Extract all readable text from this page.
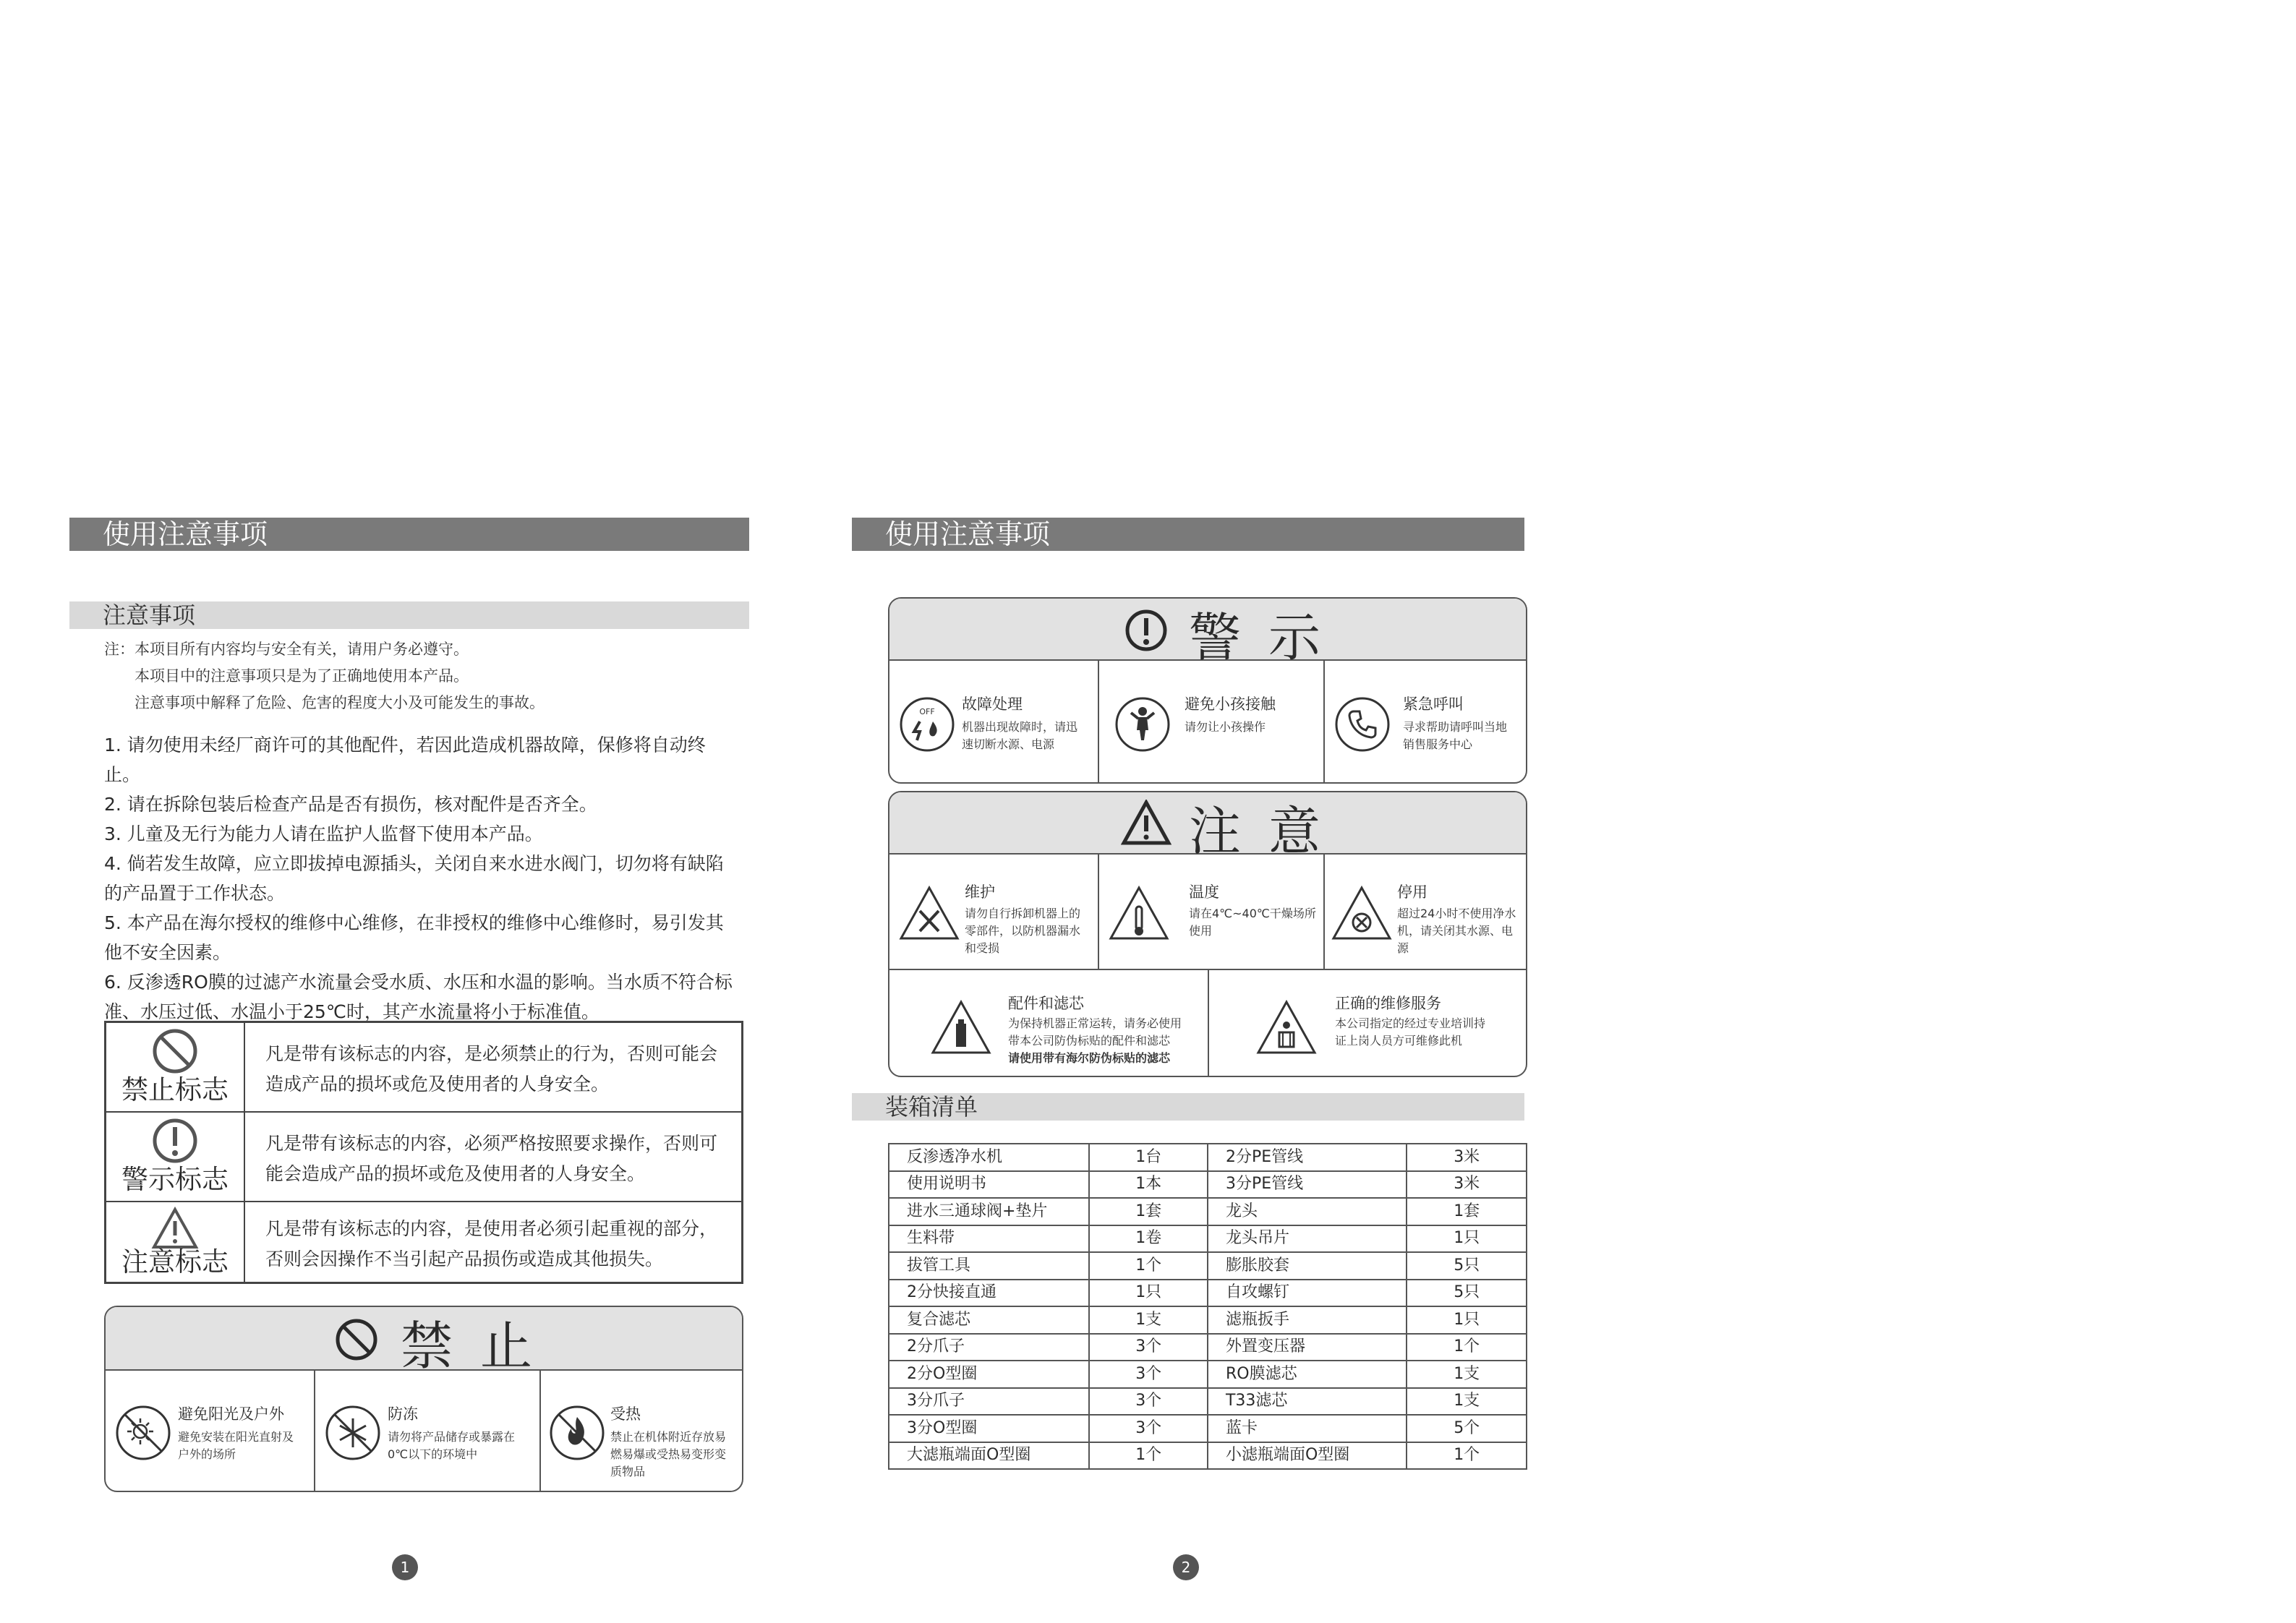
使用注意事项
注意事项
注：本项目所有内容均与安全有关，请用户务必遵守。
本项目中的注意事项只是为了正确地使用本产品。
注意事项中解释了危险、危害的程度大小及可能发生的事故。
1. 请勿使用未经厂商许可的其他配件，若因此造成机器故障，保修将自动终止。
2. 请在拆除包装后检查产品是否有损伤，核对配件是否齐全。
3. 儿童及无行为能力人请在监护人监督下使用本产品。
4. 倘若发生故障，应立即拔掉电源插头，关闭自来水进水阀门，切勿将有缺陷的产品置于工作状态。
5. 本产品在海尔授权的维修中心维修，在非授权的维修中心维修时，易引发其他不安全因素。
6. 反渗透RO膜的过滤产水流量会受水质、水压和水温的影响。当水质不符合标准、水压过低、水温小于25℃时，其产水流量将小于标准值。
禁止标志
凡是带有该标志的内容，是必须禁止的行为，否则可能会造成产品的损坏或危及使用者的人身安全。
警示标志
凡是带有该标志的内容，必须严格按照要求操作，否则可能会造成产品的损坏或危及使用者的人身安全。
注意标志
凡是带有该标志的内容，是使用者必须引起重视的部分，否则会因操作不当引起产品损伤或造成其他损失。
禁止
避免阳光及户外
避免安装在阳光直射及
户外的场所
防冻
请勿将产品储存或暴露在
0℃以下的环境中
受热
禁止在机体附近存放易
燃易爆或受热易变形变
质物品
1
使用注意事项
警示
OFF 故障处理
机器出现故障时，请迅
速切断水源、电源
避免小孩接触
请勿让小孩操作
紧急呼叫
寻求帮助请呼叫当地
销售服务中心
注意
维护
请勿自行拆卸机器上的
零部件，以防机器漏水
和受损
温度
请在4℃~40℃干燥场所
使用
停用
超过24小时不使用净水
机，请关闭其水源、电
源
配件和滤芯
为保持机器正常运转，请务必使用
带本公司防伪标贴的配件和滤芯
请使用带有海尔防伪标贴的滤芯
正确的维修服务
本公司指定的经过专业培训持
证上岗人员方可维修此机
装箱清单
反渗透净水机	1台	2分PE管线	3米
使用说明书	1本	3分PE管线	3米
进水三通球阀+垫片	1套	龙头	1套
生料带	1卷	龙头吊片	1只
拔管工具	1个	膨胀胶套	5只
2分快接直通	1只	自攻螺钉	5只
复合滤芯	1支	滤瓶扳手	1只
2分爪子	3个	外置变压器	1个
2分O型圈	3个	RO膜滤芯	1支
3分爪子	3个	T33滤芯	1支
3分O型圈	3个	蓝卡	5个
大滤瓶端面O型圈	1个	小滤瓶端面O型圈	1个
2
